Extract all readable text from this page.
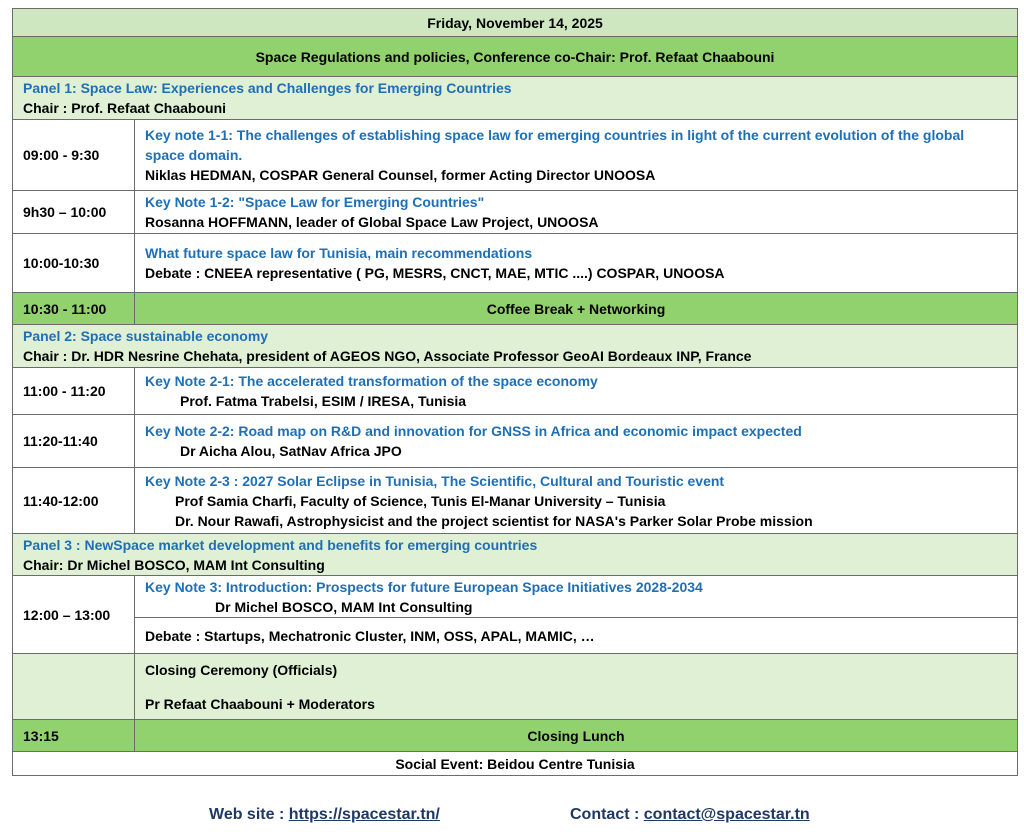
Friday, November 14, 2025	
Space Regulations and policies, Conference co-Chair: Prof. Refaat Chaabouni	

Panel 1: Space Law: Experiences and Challenges for Emerging Countries
Chair : Prof. Refaat Chaabouni	

09:00 - 9:30	Key note 1-1: The challenges of establishing space law for emerging countries in light of the current evolution of the global space domain.
Niklas HEDMAN, COSPAR General Counsel, former Acting Director UNOOSA

9h30 – 10:00	Key Note 1-2: "Space Law for Emerging Countries"
Rosanna HOFFMANN, leader of Global Space Law Project, UNOOSA

10:00-10:30	What future space law for Tunisia, main recommendations
Debate : CNEEA representative ( PG, MESRS, CNCT, MAE, MTIC ....) COSPAR, UNOOSA

10:30 - 11:00	Coffee Break + Networking

Panel 2: Space sustainable economy
Chair : Dr. HDR Nesrine Chehata, president of AGEOS NGO, Associate Professor GeoAI Bordeaux INP, France	

11:00 - 11:20	Key Note 2-1: The accelerated transformation of the space economy
Prof. Fatma Trabelsi, ESIM / IRESA, Tunisia

11:20-11:40	Key Note 2-2: Road map on R&D and innovation for GNSS in Africa and economic impact expected
Dr Aicha Alou, SatNav Africa JPO

11:40-12:00	Key Note 2-3 : 2027 Solar Eclipse in Tunisia, The Scientific, Cultural and Touristic event
Prof Samia Charfi, Faculty of Science, Tunis El-Manar University – Tunisia
Dr. Nour Rawafi, Astrophysicist and the project scientist for NASA's Parker Solar Probe mission

Panel 3 : NewSpace market development and benefits for emerging countries
Chair: Dr Michel BOSCO, MAM Int Consulting	

12:00 – 13:00	Key Note 3: Introduction: Prospects for future European Space Initiatives 2028-2034
Dr Michel BOSCO, MAM Int Consulting

	Debate : Startups, Mechatronic Cluster, INM, OSS, APAL, MAMIC, …

	Closing Ceremony (Officials)
Pr Refaat Chaabouni + Moderators

13:15	Closing Lunch
Social Event: Beidou Centre Tunisia	
Web site : https://spacestar.tn/	Contact : contact@spacestar.tn
